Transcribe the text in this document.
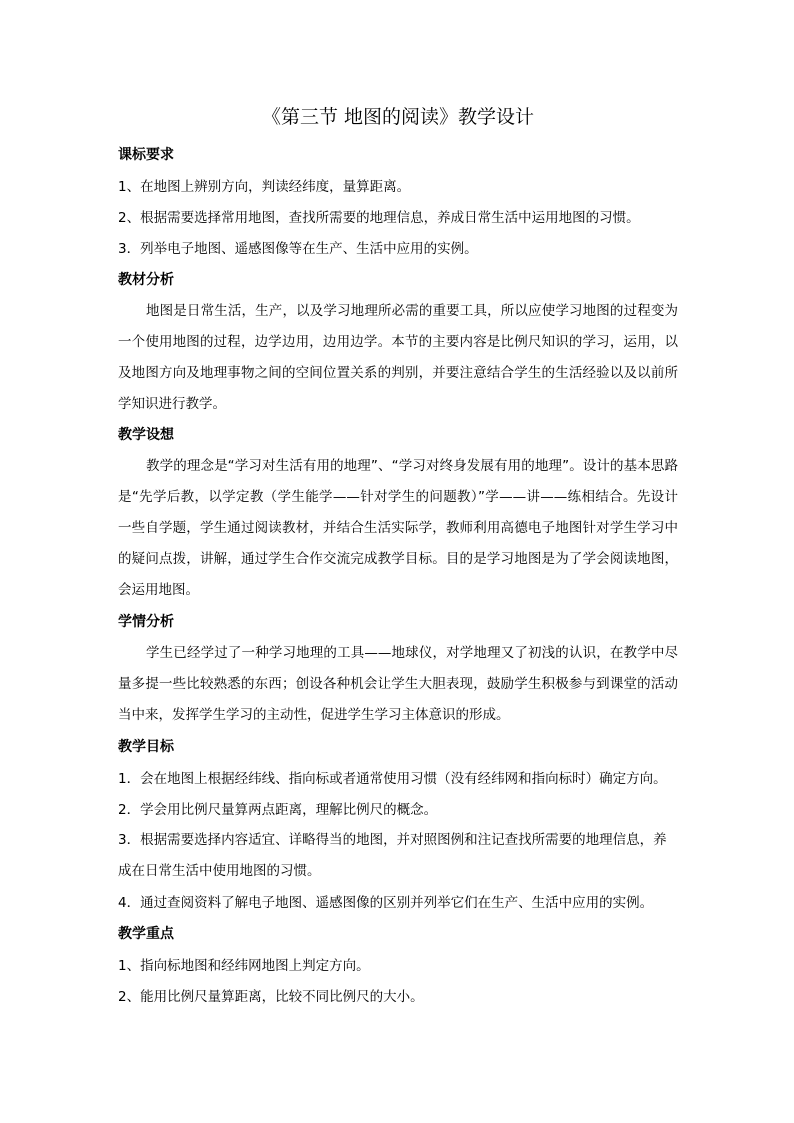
《第三节 地图的阅读》教学设计
课标要求
1、在地图上辨别方向，判读经纬度，量算距离。
2、根据需要选择常用地图，查找所需要的地理信息，养成日常生活中运用地图的习惯。
3．列举电子地图、遥感图像等在生产、生活中应用的实例。
教材分析

地图是日常生活，生产，以及学习地理所必需的重要工具，所以应使学习地图的过程变为一个使用地图的过程，边学边用，边用边学。本节的主要内容是比例尺知识的学习，运用，以及地图方向及地理事物之间的空间位置关系的判别，并要注意结合学生的生活经验以及以前所学知识进行教学。

教学设想

教学的理念是“学习对生活有用的地理”、“学习对终身发展有用的地理”。设计的基本思路是“先学后教，以学定教（学生能学——针对学生的问题教）”学——讲——练相结合。先设计一些自学题，学生通过阅读教材，并结合生活实际学，教师利用高德电子地图针对学生学习中的疑问点拨，讲解，通过学生合作交流完成教学目标。目的是学习地图是为了学会阅读地图，会运用地图。

学情分析

学生已经学过了一种学习地理的工具——地球仪，对学地理又了初浅的认识，在教学中尽量多提一些比较熟悉的东西；创设各种机会让学生大胆表现，鼓励学生积极参与到课堂的活动当中来，发挥学生学习的主动性，促进学生学习主体意识的形成。

教学目标
1．会在地图上根据经纬线、指向标或者通常使用习惯（没有经纬网和指向标时）确定方向。
2．学会用比例尺量算两点距离，理解比例尺的概念。

3．根据需要选择内容适宜、详略得当的地图，并对照图例和注记查找所需要的地理信息，养成在日常生活中使用地图的习惯。

4．通过查阅资料了解电子地图、遥感图像的区别并列举它们在生产、生活中应用的实例。
教学重点
1、指向标地图和经纬网地图上判定方向。
2、能用比例尺量算距离，比较不同比例尺的大小。
